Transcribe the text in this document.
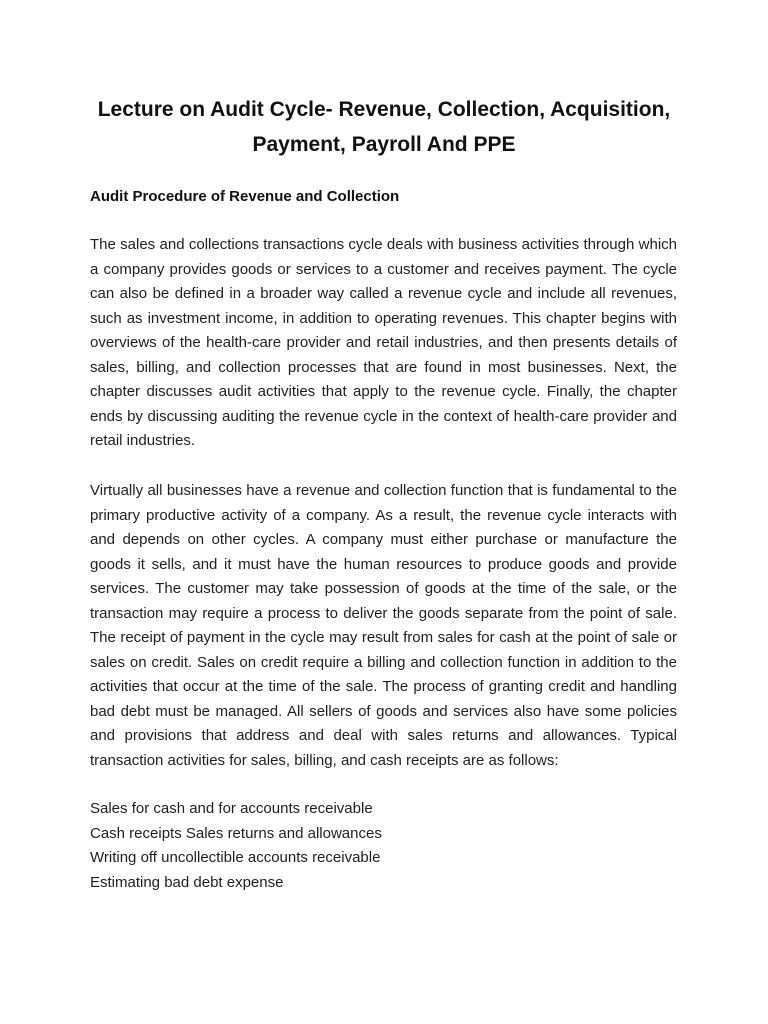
Lecture on Audit Cycle- Revenue, Collection, Acquisition, Payment, Payroll And PPE
Audit Procedure of Revenue and Collection

The sales and collections transactions cycle deals with business activities through which a company provides goods or services to a customer and receives payment. The cycle can also be defined in a broader way called a revenue cycle and include all revenues, such as investment income, in addition to operating revenues. This chapter begins with overviews of the health-care provider and retail industries, and then presents details of sales, billing, and collection processes that are found in most businesses. Next, the chapter discusses audit activities that apply to the revenue cycle. Finally, the chapter ends by discussing auditing the revenue cycle in the context of health-care provider and retail industries.

Virtually all businesses have a revenue and collection function that is fundamental to the primary productive activity of a company. As a result, the revenue cycle interacts with and depends on other cycles. A company must either purchase or manufacture the goods it sells, and it must have the human resources to produce goods and provide services. The customer may take possession of goods at the time of the sale, or the transaction may require a process to deliver the goods separate from the point of sale. The receipt of payment in the cycle may result from sales for cash at the point of sale or sales on credit. Sales on credit require a billing and collection function in addition to the activities that occur at the time of the sale. The process of granting credit and handling bad debt must be managed. All sellers of goods and services also have some policies and provisions that address and deal with sales returns and allowances. Typical transaction activities for sales, billing, and cash receipts are as follows:

Sales for cash and for accounts receivable
Cash receipts Sales returns and allowances
Writing off uncollectible accounts receivable
Estimating bad debt expense
